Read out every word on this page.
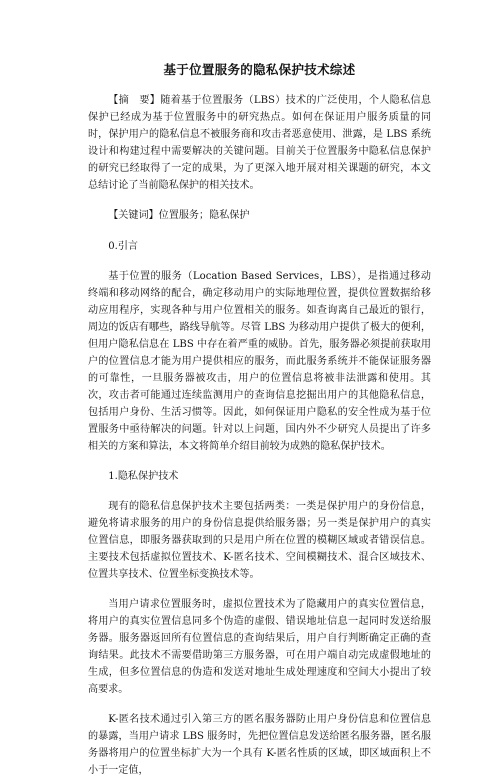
基于位置服务的隐私保护技术综述

【摘　要】随着基于位置服务（LBS）技术的广泛使用，个人隐私信息保护已经成为基于位置服务中的研究热点。如何在保证用户服务质量的同时，保护用户的隐私信息不被服务商和攻击者恶意使用、泄露，是 LBS 系统设计和构建过程中需要解决的关键问题。目前关于位置服务中隐私信息保护的研究已经取得了一定的成果，为了更深入地开展对相关课题的研究，本文总结讨论了当前隐私保护的相关技术。

【关键词】位置服务；隐私保护

0.引言

基于位置的服务（Location Based Services，LBS），是指通过移动终端和移动网络的配合，确定移动用户的实际地理位置，提供位置数据给移动应用程序，实现各种与用户位置相关的服务。如查询离自己最近的银行，周边的饭店有哪些，路线导航等。尽管 LBS 为移动用户提供了极大的便利，但用户隐私信息在 LBS 中存在着严重的威胁。首先，服务器必须提前获取用户的位置信息才能为用户提供相应的服务，而此服务系统并不能保证服务器的可靠性，一旦服务器被攻击，用户的位置信息将被非法泄露和使用。其次，攻击者可能通过连续监测用户的查询信息挖掘出用户的其他隐私信息，包括用户身份、生活习惯等。因此，如何保证用户隐私的安全性成为基于位置服务中亟待解决的问题。针对以上问题，国内外不少研究人员提出了许多相关的方案和算法，本文将简单介绍目前较为成熟的隐私保护技术。

1.隐私保护技术

现有的隐私信息保护技术主要包括两类：一类是保护用户的身份信息，避免将请求服务的用户的身份信息提供给服务器；另一类是保护用户的真实位置信息，即服务器获取到的只是用户所在位置的模糊区域或者错误信息。主要技术包括虚拟位置技术、K-匿名技术、空间模糊技术、混合区域技术、位置共享技术、位置坐标变换技术等。

当用户请求位置服务时，虚拟位置技术为了隐藏用户的真实位置信息，将用户的真实位置信息同多个伪造的虚假、错误地址信息一起同时发送给服务器。服务器返回所有位置信息的查询结果后，用户自行判断确定正确的查询结果。此技术不需要借助第三方服务器，可在用户端自动完成虚假地址的生成，但多位置信息的伪造和发送对地址生成处理速度和空间大小提出了较高要求。

K-匿名技术通过引入第三方的匿名服务器防止用户身份信息和位置信息的暴露，当用户请求 LBS 服务时，先把位置信息发送给匿名服务器，匿名服务器将用户的位置坐标扩大为一个具有 K-匿名性质的区域，即区域面积上不小于一定值，
